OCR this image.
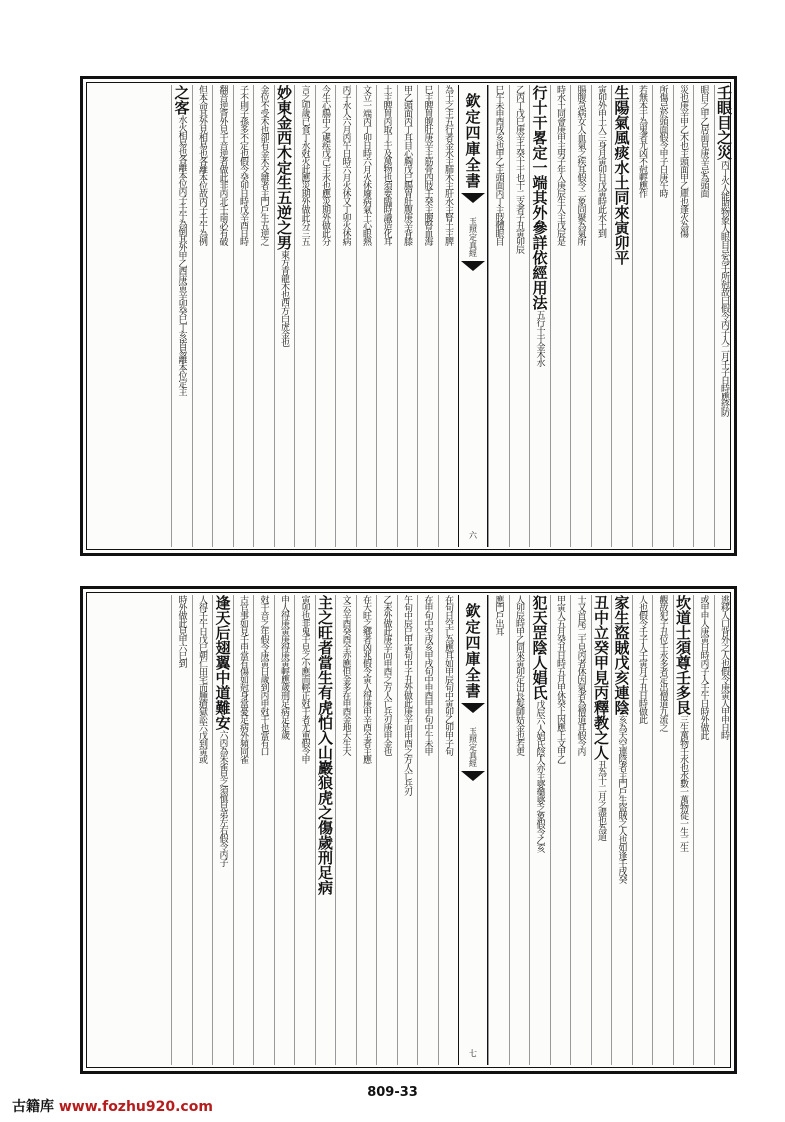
壬眼目之災丙丁火人能照物象人眼目忌為壬所尅故曰假令丙子人二月壬子日時應終防
眼目之甲乙居前見庚辛忌為頭面
災也庚辛甲乙木也主頭面甲乙庫也逢火為傷
所傷忌於頭面假令甲子日庚午時
若無本干為鬼者尤凶不尅輕應作
生陽氣風痰水土同來寅卯平
寅卯外申土入三身月寅卯日戊寅時此水土到
腸腹急病女人血氣之疾耳假令二象同聚為氣所
時水土同會庚申主男子年入庚辰生人主戊辰是
行十干畧定一端其外參詳依經用法五行十干金木水
乙丙丁戊巳庚辛壬癸十干也十二支者子丑寅卯辰
巳午未申酉戌亥也甲乙主頭面丙丁主肢體眼目
欽定四庫全書
玉照定真經
六
為土之主五行者金水主肺木主肝水主腎土主脾
巳主脾胃腹肚庚辛主筋骨四肢壬癸主腰腎血海
甲乙頭面丙丁耳目心胸戊巳腸胃肚腹庚辛背膝
土主脾胃丙取丁干及萬物也須要臨時識造化耳
文立一端丙丁卯日時六月火休廢病氣土心眼熱
丙子水人六月丙午日時六月火休又丁卯火休病
今生心腸中之處疾戊己主水也應災期外做此分
言之卯歲已食丁水尅火此應災期外做此分三五
妙東金西木定生五逆之男東方青龍木也西方白虎金也
金位不受木也卻有金木交雜者主門戶生五逆之
子不則子孫多不定也假令癸卯日時戊辛酉日時
翻音逆背外見干音逆者做此非丙北壬南必有破
但本命其外見相易也各離本位故丙子壬午為例
之客水火相易也各離本位丙子壬午為倒其外甲乙酉庚寅辛卯癸巳丁亥皆易離本位定主
逃移人口背外之人也假令庚寅人甲申日時
或甲申人庚寅日時丙子人壬午日時外做此
坎道士須尊壬多艮三生萬物壬水也水數一萬物從一生二生
觀故犯子丑位壬水多者定出僧道九流之
人也假令壬子人壬寅月子丑日時做此
家生盜賊戊亥連陰亥為天空連陰者主門戶生盜賊之人也如逢壬戌癸
丑中立癸甲見丙釋教之人丑為十二月之盡也為道
士又首尾二干見丙者休因氣者為僧道耳假令丙
甲寅人五月癸丑日時五月甲休癸上因應上文甲乙
犯天罡陰人娼氏戊辰六人娼氏陰人亦主婆藥婆之象假令乙亥
人卯辰時甲乙同來寅卯定出長髮師姑金也若更
應門戶出耳
欽定四庫全書
玉照定真經
七
在旬日空亡為應耳如甲辰旬中寅卯乙卯甲子旬
在申旬中空戌亥甲戌旬中申酉甲申旬中午未甲
午旬中辰巳甲寅旬中子丑外做此庚辛向申酉之方人亡兵刃
乙未外做此庚辛向申酉之方人亡兵刃庚申金也
在大旺之鄉者凶兆假令寅人得庚申辛酉全者主應
文云辛酉癸酉全亦應但金多在申酉金地大生大
主之旺者當生有虎怕入山巖狼虎之傷歲刑足病
寅卯也非鬼干見之小應而輕正尅干者尤重假令甲
申人得庚寅庚得庚寅輕應歲刑足病足是歲
尅干音之年假令庚寅日歲到丙申尅干也當有口
古官事如見壬申當有傷如尅身當憂足病外頻同雀
逢天后翅翼中道難安六丙為朱雀見之須慎見弟左右假令丙子
人得壬午日戊巳朝仁田宅而腫瘡獄訟六戊到寅或
時外做此見甲六巳到
809-33
古籍库 www.fozhu920.com
